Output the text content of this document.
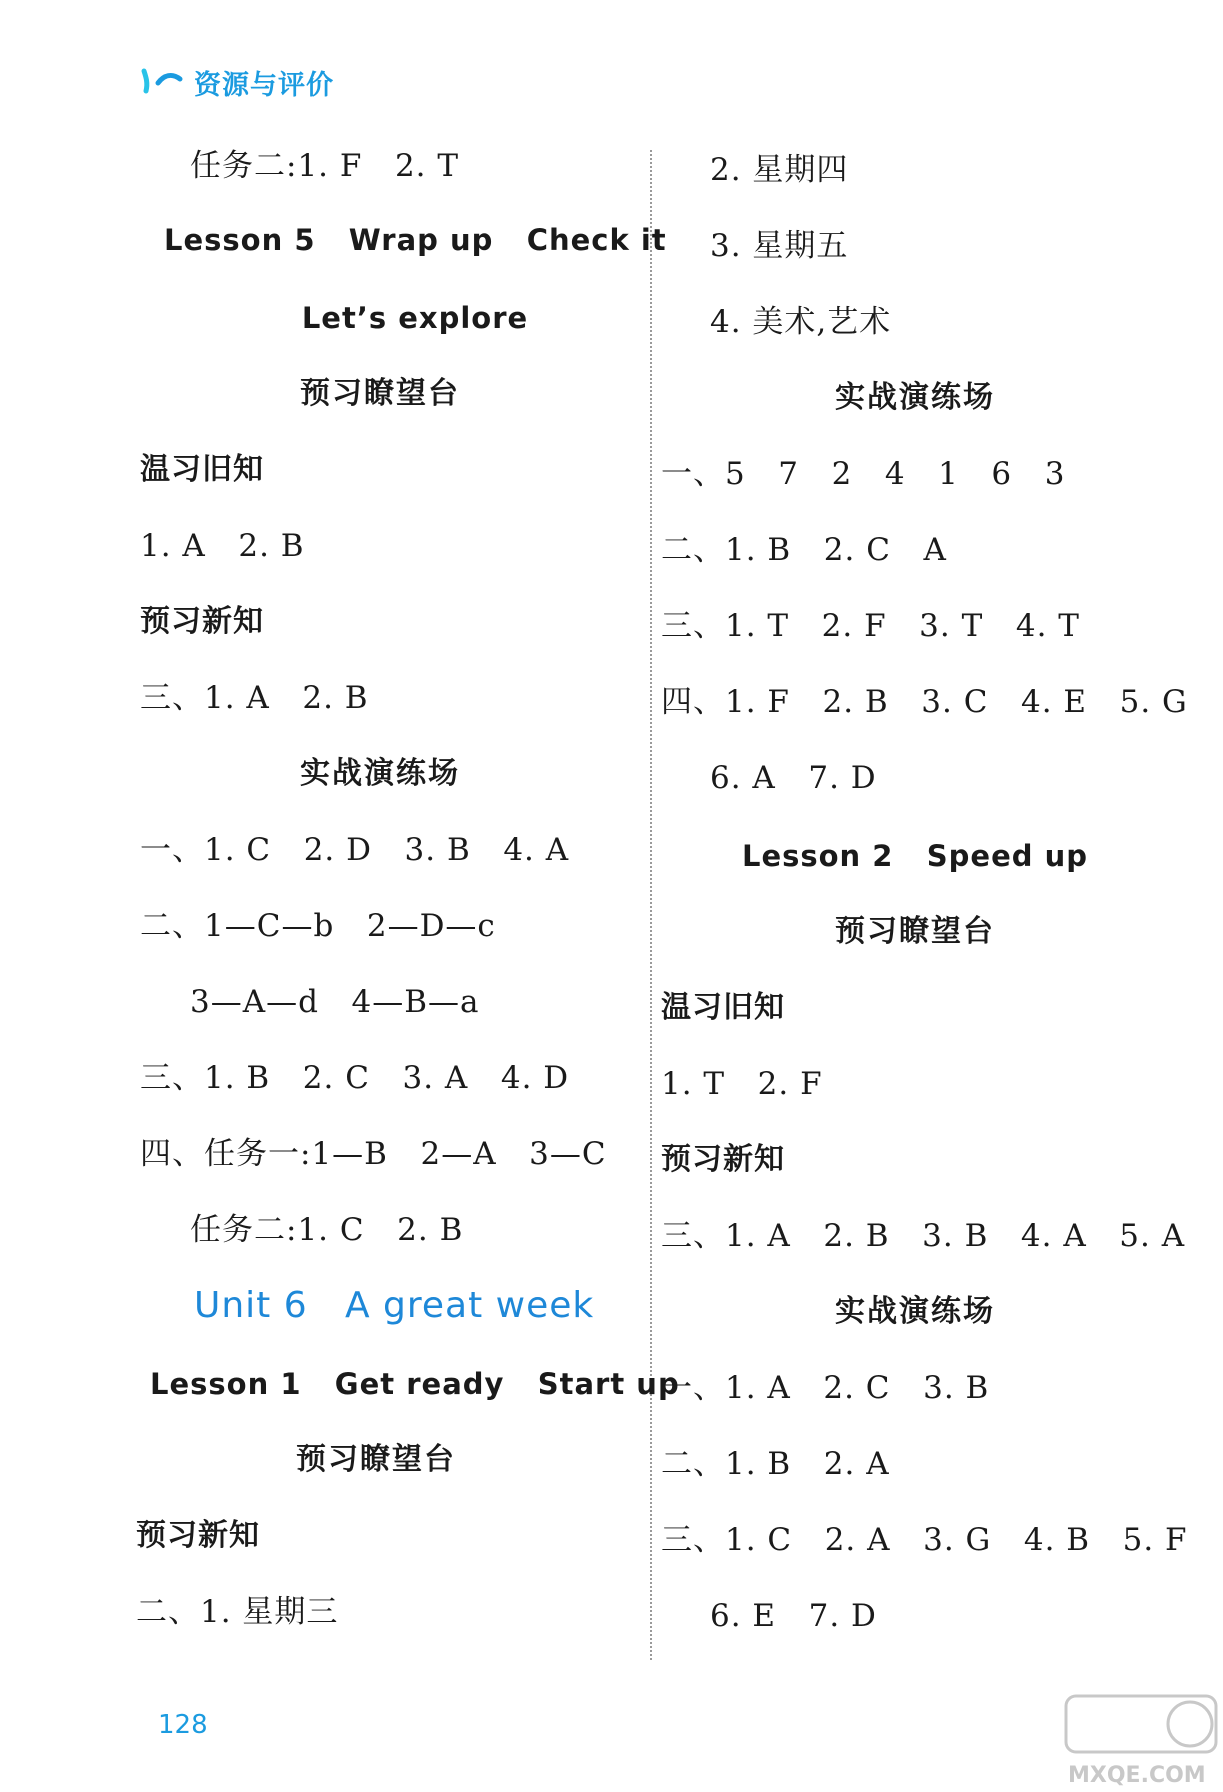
资源与评价
任务二:1. F   2. T
Lesson 5   Wrap up   Check it
Let’s explore
预习瞭望台
温习旧知
1. A   2. B
预习新知
三、1. A   2. B
实战演练场
一、1. C   2. D   3. B   4. A
二、1—C—b   2—D—c
3—A—d   4—B—a
三、1. B   2. C   3. A   4. D
四、任务一:1—B   2—A   3—C
任务二:1. C   2. B
Unit 6   A great week
Lesson 1   Get ready   Start up
预习瞭望台
预习新知
二、1. 星期三
2. 星期四
3. 星期五
4. 美术,艺术
实战演练场
一、5   7   2   4   1   6   3
二、1. B   2. C   A
三、1. T   2. F   3. T   4. T
四、1. F   2. B   3. C   4. E   5. G
6. A   7. D
Lesson 2   Speed up
预习瞭望台
温习旧知
1. T   2. F
预习新知
三、1. A   2. B   3. B   4. A   5. A
实战演练场
一、1. A   2. C   3. B
二、1. B   2. A
三、1. C   2. A   3. G   4. B   5. F
6. E   7. D
128
MXQE.COM
